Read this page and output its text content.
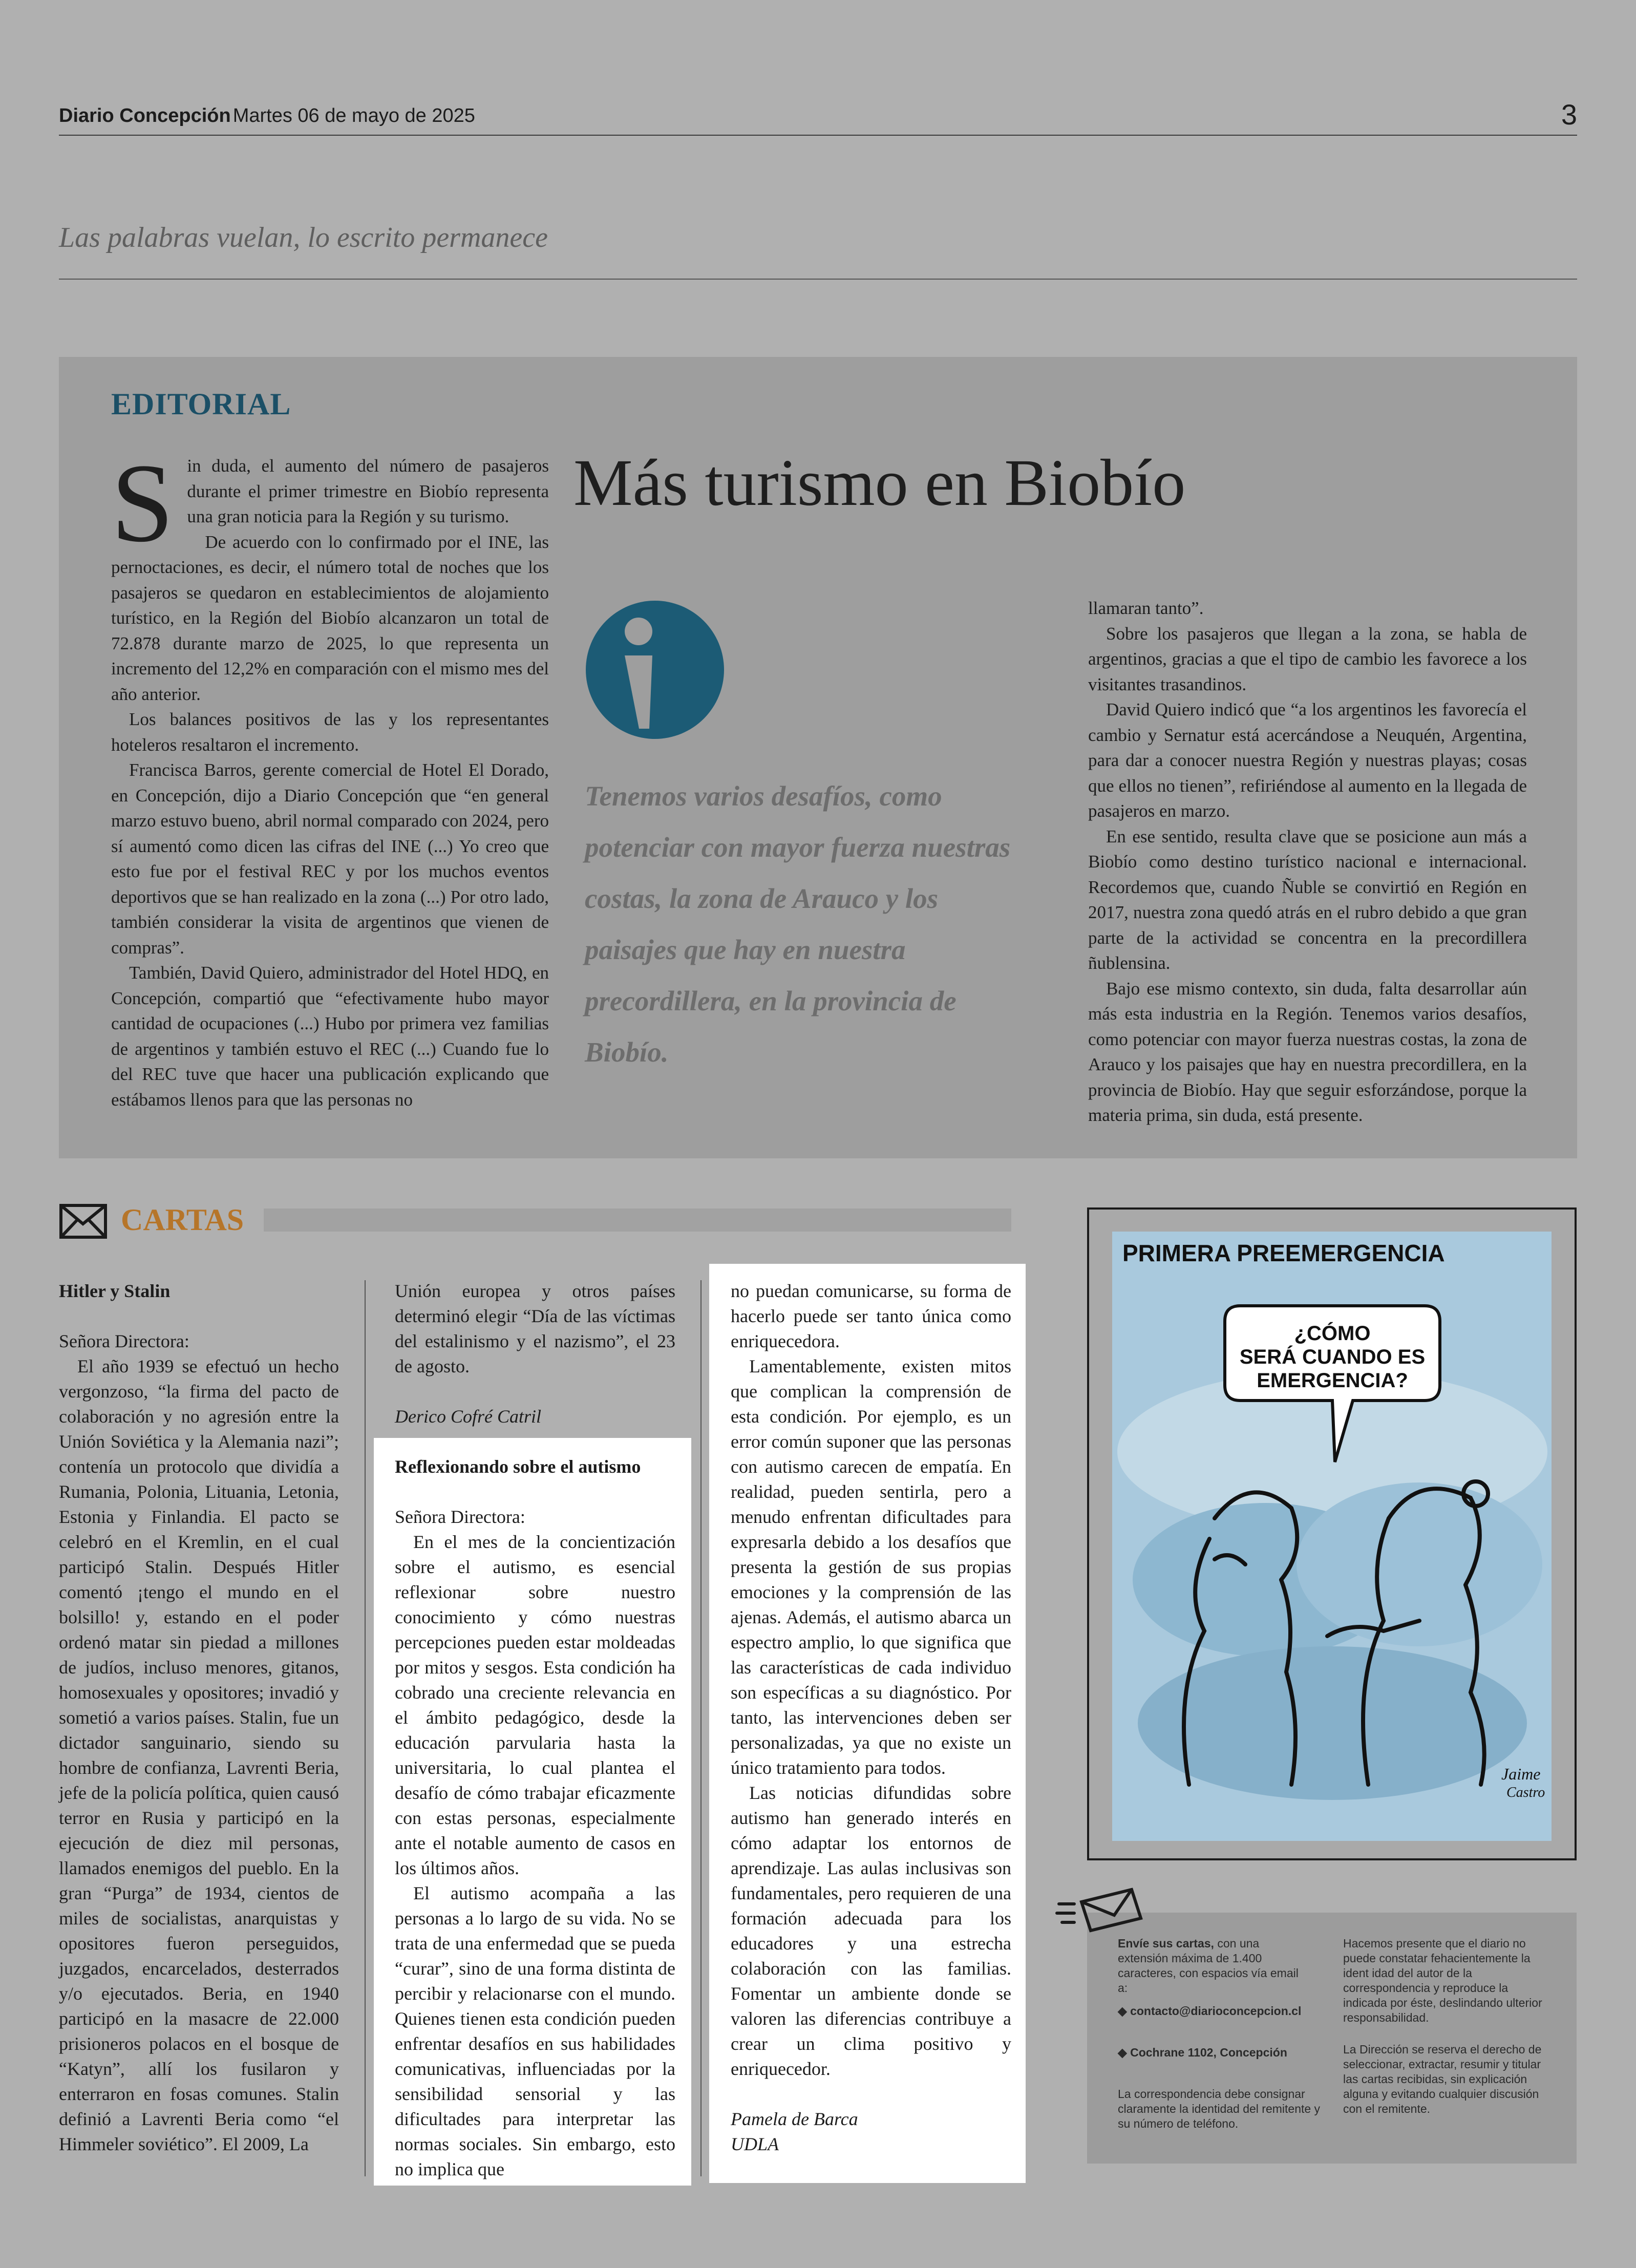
Diario Concepción Martes 06 de mayo de 2025	3
Las palabras vuelan, lo escrito permanece
EDITORIAL
Más turismo en Biobío
S in duda, el aumento del número de pasajeros durante el primer trimestre en Biobío representa una gran noticia para la Región y su turismo.

De acuerdo con lo confirmado por el INE, las pernoctaciones, es decir, el número total de noches que los pasajeros se quedaron en establecimientos de alojamiento turístico, en la Región del Biobío alcanzaron un total de 72.878 durante marzo de 2025, lo que representa un incremento del 12,2% en comparación con el mismo mes del año anterior.

Los balances positivos de las y los representantes hoteleros resaltaron el incremento.

Francisca Barros, gerente comercial de Hotel El Dorado, en Concepción, dijo a Diario Concepción que “en general marzo estuvo bueno, abril normal comparado con 2024, pero sí aumentó como dicen las cifras del INE (...) Yo creo que esto fue por el festival REC y por los muchos eventos deportivos que se han realizado en la zona (...) Por otro lado, también considerar la visita de argentinos que vienen de compras”.

También, David Quiero, administrador del Hotel HDQ, en Concepción, compartió que “efectivamente hubo mayor cantidad de ocupaciones (...) Hubo por primera vez familias de argentinos y también estuvo el REC (...) Cuando fue lo del REC tuve que hacer una publicación explicando que estábamos llenos para que las personas no

Tenemos varios desafíos, como potenciar con mayor fuerza nuestras costas, la zona de Arauco y los paisajes que hay en nuestra precordillera, en la provincia de Biobío.

llamaran tanto”.

Sobre los pasajeros que llegan a la zona, se habla de argentinos, gracias a que el tipo de cambio les favorece a los visitantes trasandinos.

David Quiero indicó que “a los argentinos les favorecía el cambio y Sernatur está acercándose a Neuquén, Argentina, para dar a conocer nuestra Región y nuestras playas; cosas que ellos no tienen”, refiriéndose al aumento en la llegada de pasajeros en marzo.

En ese sentido, resulta clave que se posicione aun más a Biobío como destino turístico nacional e internacional. Recordemos que, cuando Ñuble se convirtió en Región en 2017, nuestra zona quedó atrás en el rubro debido a que gran parte de la actividad se concentra en la precordillera ñublensina.

Bajo ese mismo contexto, sin duda, falta desarrollar aún más esta industria en la Región. Tenemos varios desafíos, como potenciar con mayor fuerza nuestras costas, la zona de Arauco y los paisajes que hay en nuestra precordillera, en la provincia de Biobío. Hay que seguir esforzándose, porque la materia prima, sin duda, está presente.

CARTAS

Hitler y Stalin

Señora Directora:

El año 1939 se efectuó un hecho vergonzoso, “la firma del pacto de colaboración y no agresión entre la Unión Soviética y la Alemania nazi”; contenía un protocolo que dividía a Rumania, Polonia, Lituania, Letonia, Estonia y Finlandia. El pacto se celebró en el Kremlin, en el cual participó Stalin. Después Hitler comentó ¡tengo el mundo en el bolsillo! y, estando en el poder ordenó matar sin piedad a millones de judíos, incluso menores, gitanos, homosexuales y opositores; invadió y sometió a varios países. Stalin, fue un dictador sanguinario, siendo su hombre de confianza, Lavrenti Beria, jefe de la policía política, quien causó terror en Rusia y participó en la ejecución de diez mil personas, llamados enemigos del pueblo. En la gran “Purga” de 1934, cientos de miles de socialistas, anarquistas y opositores fueron perseguidos, juzgados, encarcelados, desterrados y/o ejecutados. Beria, en 1940 participó en la masacre de 22.000 prisioneros polacos en el bosque de “Katyn”, allí los fusilaron y enterraron en fosas comunes. Stalin definió a Lavrenti Beria como “el Himmeler soviético”. El 2009, La

Unión europea y otros países determinó elegir “Día de las víctimas del estalinismo y el nazismo”, el 23 de agosto.

Derico Cofré Catril

Reflexionando sobre el autismo

Señora Directora:

En el mes de la concientización sobre el autismo, es esencial reflexionar sobre nuestro conocimiento y cómo nuestras percepciones pueden estar moldeadas por mitos y sesgos. Esta condición ha cobrado una creciente relevancia en el ámbito pedagógico, desde la educación parvularia hasta la universitaria, lo cual plantea el desafío de cómo trabajar eficazmente con estas personas, especialmente ante el notable aumento de casos en los últimos años.

El autismo acompaña a las personas a lo largo de su vida. No se trata de una enfermedad que se pueda “curar”, sino de una forma distinta de percibir y relacionarse con el mundo. Quienes tienen esta condición pueden enfrentar desafíos en sus habilidades comunicativas, influenciadas por la sensibilidad sensorial y las dificultades para interpretar las normas sociales. Sin embargo, esto no implica que

no puedan comunicarse, su forma de hacerlo puede ser tanto única como enriquecedora.

Lamentablemente, existen mitos que complican la comprensión de esta condición. Por ejemplo, es un error común suponer que las personas con autismo carecen de empatía. En realidad, pueden sentirla, pero a menudo enfrentan dificultades para expresarla debido a los desafíos que presenta la gestión de sus propias emociones y la comprensión de las ajenas. Además, el autismo abarca un espectro amplio, lo que significa que las características de cada individuo son específicas a su diagnóstico. Por tanto, las intervenciones deben ser personalizadas, ya que no existe un único tratamiento para todos.

Las noticias difundidas sobre autismo han generado interés en cómo adaptar los entornos de aprendizaje. Las aulas inclusivas son fundamentales, pero requieren de una formación adecuada para los educadores y una estrecha colaboración con las familias. Fomentar un ambiente donde se valoren las diferencias contribuye a crear un clima positivo y enriquecedor.

Pamela de Barca

UDLA

PRIMERA PREEMERGENCIA
¿CÓMO
SERÁ CUANDO ES
EMERGENCIA?
Jaime
Castro
Envíe sus cartas, con una extensión máxima de 1.400 caracteres, con espacios vía email a:
◆ contacto@diarioconcepcion.cl
◆ Cochrane 1102, Concepción
La correspondencia debe consignar claramente la identidad del remitente y su número de teléfono.
Hacemos presente que el diario no puede constatar fehacientemente la ident idad del autor de la correspondencia y reproduce la indicada por éste, deslindando ulterior responsabilidad.
La Dirección se reserva el derecho de seleccionar, extractar, resumir y titular las cartas recibidas, sin explicación alguna y evitando cualquier discusión con el remitente.
